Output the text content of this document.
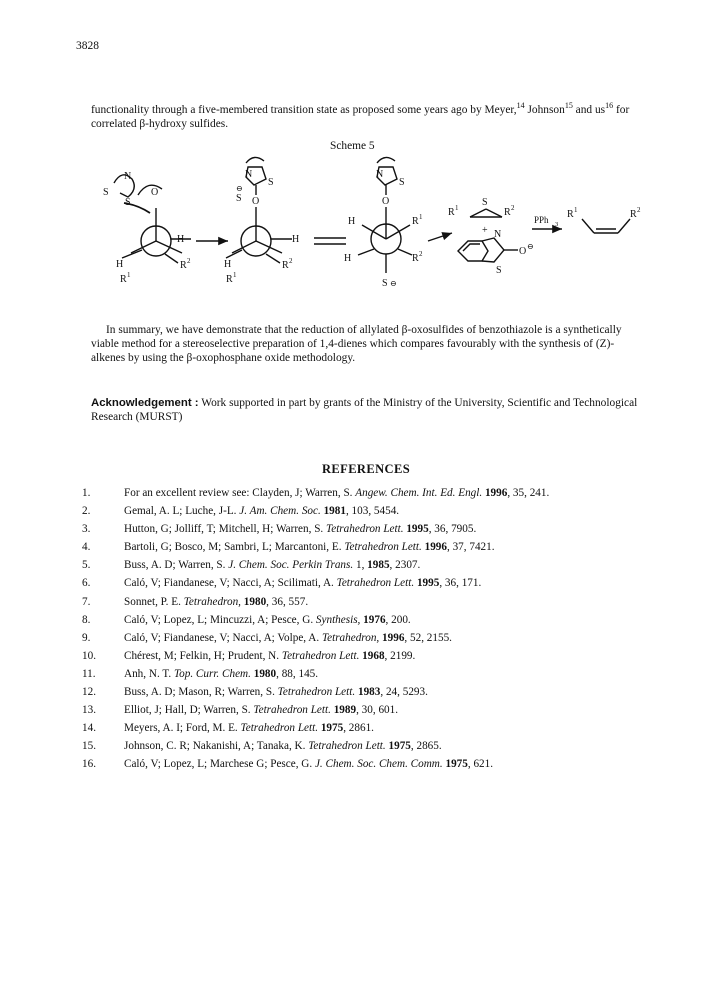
3828

functionality through a five-membered transition state as proposed some years ago by Meyer,$^{14}$ Johnson$^{15}$ and $us^{16}$ for correlated β-hydroxy sulfides.

Scheme 5
N
S
S
O
H
R 1
H
R 2
N
S
O
S
⊖
H
R 1
H
R 2
N
S
O
H	R 1
H	R 2
S ⊖
S
R 1	R 2
+ N
S
O ⊖
PPh 3
R 1	R 2

In summary, we have demonstrate that the reduction of allylated β-oxosulfides of benzothiazole is a synthetically viable method for a stereoselective preparation of 1,4-dienes which compares favourably with the synthesis of (Z)- alkenes by using the β-oxophosphane oxide methodology.

Acknowledgement : Work supported in part by grants of the Ministry of the University, Scientific and Technological Research (MURST)

REFERENCES
1.	For an excellent review see: Clayden, J; Warren, S. Angew. Chem. Int. Ed. Engl. 1996, 35, 241.
2.	Gemal, A. L; Luche, J-L. J. Am. Chem. Soc. 1981, 103, 5454.
3.	Hutton, G; Jolliff, T; Mitchell, H; Warren, S. Tetrahedron Lett. 1995, 36, 7905.
4.	Bartoli, G; Bosco, M; Sambri, L; Marcantoni, E. Tetrahedron Lett. 1996, 37, 7421.
5.	Buss, A. D; Warren, S. J. Chem. Soc. Perkin Trans. 1, 1985, 2307.
6.	Caló, V; Fiandanese, V; Nacci, A; Scilimati, A. Tetrahedron Lett. 1995, 36, 171.
7.	Sonnet, P. E. Tetrahedron, 1980, 36, 557.
8.	Caló, V; Lopez, L; Mincuzzi, A; Pesce, G. Synthesis, 1976, 200.
9.	Caló, V; Fiandanese, V; Nacci, A; Volpe, A. Tetrahedron, 1996, 52, 2155.
10.	Chérest, M; Felkin, H; Prudent, N. Tetrahedron Lett. 1968, 2199.
11.	Anh, N. T. Top. Curr. Chem. 1980, 88, 145.
12.	Buss, A. D; Mason, R; Warren, S. Tetrahedron Lett. 1983, 24, 5293.
13.	Elliot, J; Hall, D; Warren, S. Tetrahedron Lett. 1989, 30, 601.
14.	Meyers, A. I; Ford, M. E. Tetrahedron Lett. 1975, 2861.
15.	Johnson, C. R; Nakanishi, A; Tanaka, K. Tetrahedron Lett. 1975, 2865.
16.	Caló, V; Lopez, L; Marchese G; Pesce, G. J. Chem. Soc. Chem. Comm. 1975, 621.
